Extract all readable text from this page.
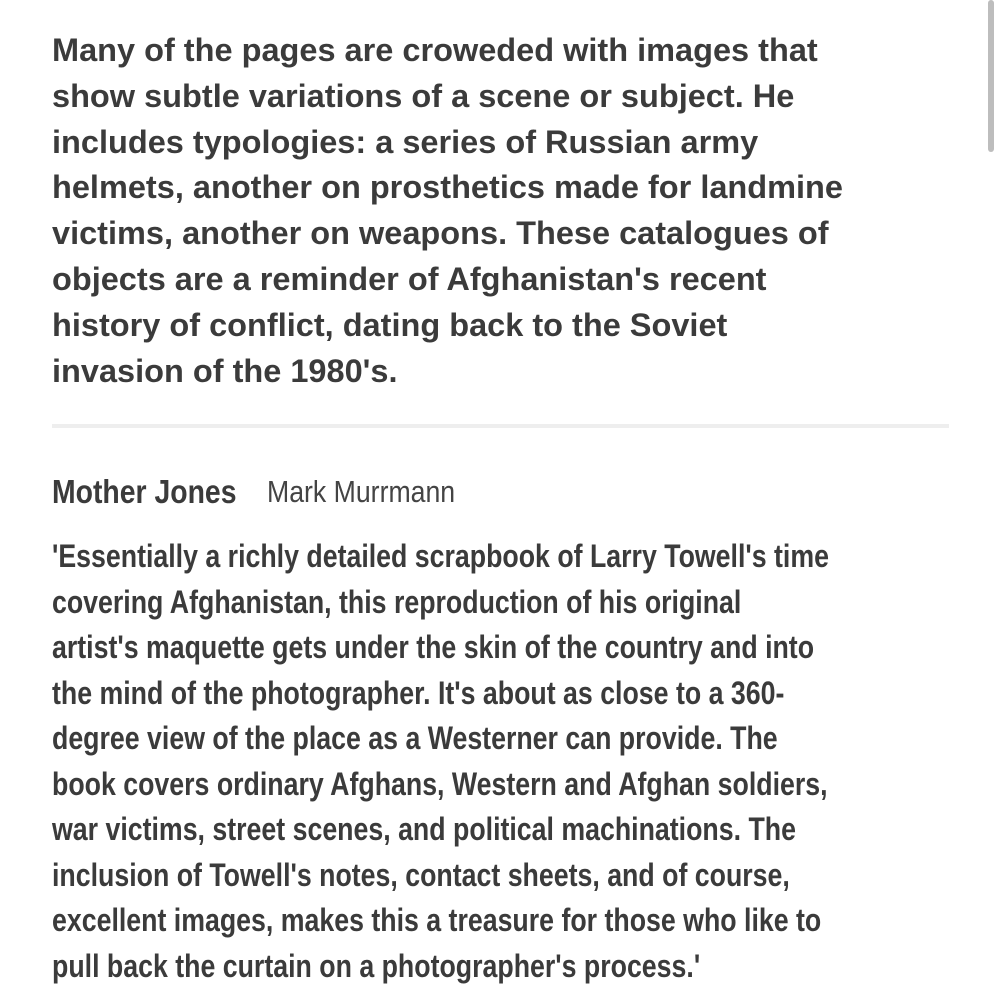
Many of the pages are croweded with images that
show subtle variations of a scene or subject. He
includes typologies: a series of Russian army
helmets, another on prosthetics made for landmine
victims, another on weapons. These catalogues of
objects are a reminder of Afghanistan's recent
history of conflict, dating back to the Soviet
invasion of the 1980's.

Mother Jones Mark Murrmann

'Essentially a richly detailed scrapbook of Larry Towell's time
covering Afghanistan, this reproduction of his original
artist's maquette gets under the skin of the country and into
the mind of the photographer. It's about as close to a 360-
degree view of the place as a Westerner can provide. The
book covers ordinary Afghans, Western and Afghan soldiers,
war victims, street scenes, and political machinations. The
inclusion of Towell's notes, contact sheets, and of course,
excellent images, makes this a treasure for those who like to
pull back the curtain on a photographer's process.'
